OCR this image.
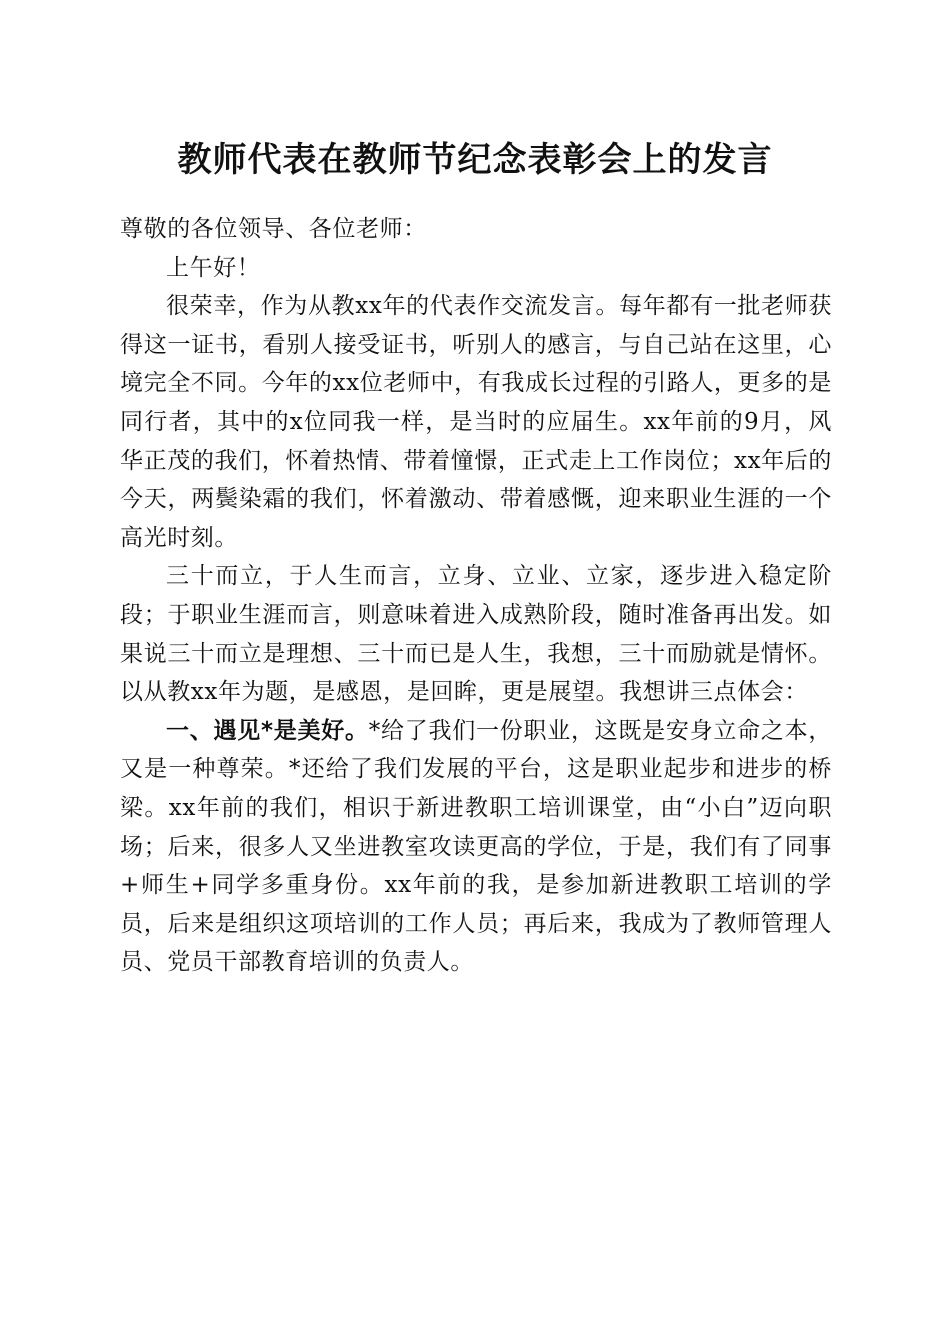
教师代表在教师节纪念表彰会上的发言

尊敬的各位领导、各位老师：

上午好！

很荣幸，作为从教xx年的代表作交流发言。每年都有一批老师获得这一证书，看别人接受证书，听别人的感言，与自己站在这里，心境完全不同。今年的xx位老师中，有我成长过程的引路人，更多的是同行者，其中的x位同我一样，是当时的应届生。xx年前的9月，风华正茂的我们，怀着热情、带着憧憬，正式走上工作岗位；xx年后的今天，两鬓染霜的我们，怀着激动、带着感慨，迎来职业生涯的一个高光时刻。

三十而立，于人生而言，立身、立业、立家，逐步进入稳定阶段；于职业生涯而言，则意味着进入成熟阶段，随时准备再出发。如果说三十而立是理想、三十而已是人生，我想，三十而励就是情怀。以从教xx年为题，是感恩，是回眸，更是展望。我想讲三点体会：

一、遇见*是美好。*给了我们一份职业，这既是安身立命之本，又是一种尊荣。*还给了我们发展的平台，这是职业起步和进步的桥梁。xx年前的我们，相识于新进教职工培训课堂，由“小白”迈向职场；后来，很多人又坐进教室攻读更高的学位，于是，我们有了同事+师生+同学多重身份。xx年前的我，是参加新进教职工培训的学员，后来是组织这项培训的工作人员；再后来，我成为了教师管理人员、党员干部教育培训的负责人。
